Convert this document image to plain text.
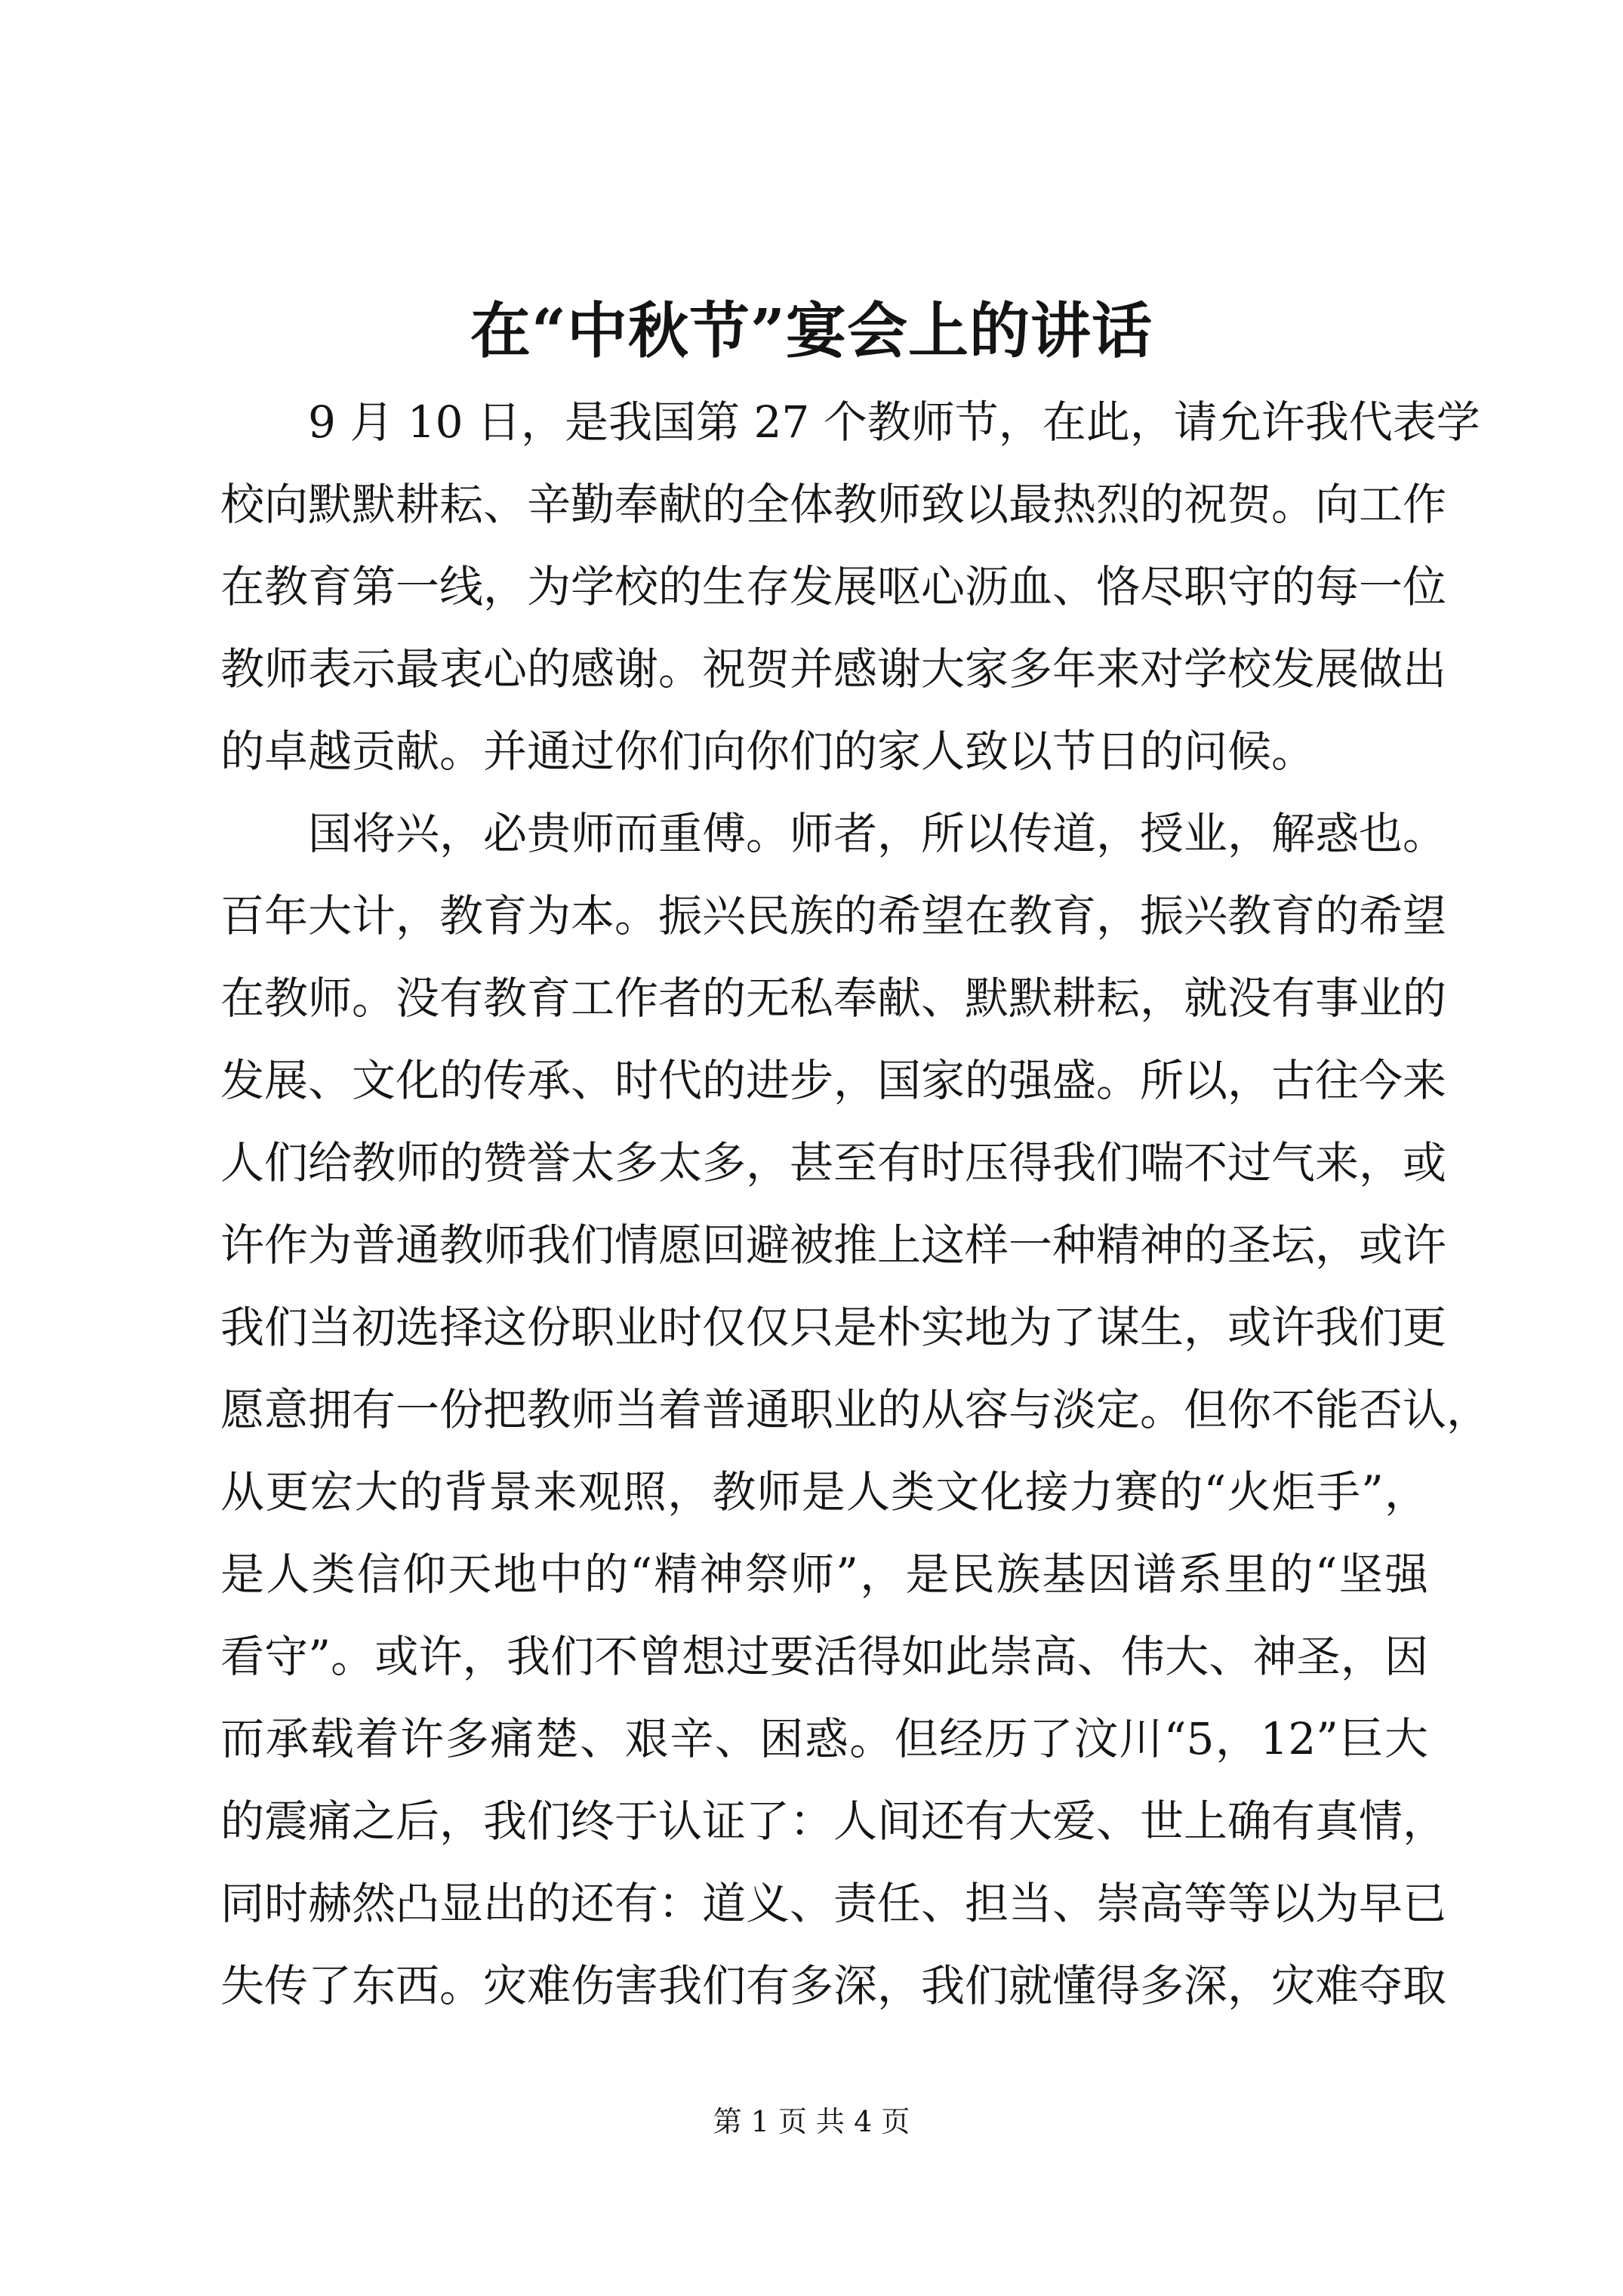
在“中秋节”宴会上的讲话
9 月 10 日，是我国第 27 个教师节，在此，请允许我代表学
校向默默耕耘、辛勤奉献的全体教师致以最热烈的祝贺。向工作
在教育第一线，为学校的生存发展呕心沥血、恪尽职守的每一位
教师表示最衷心的感谢。祝贺并感谢大家多年来对学校发展做出
的卓越贡献。并通过你们向你们的家人致以节日的问候。
国将兴，必贵师而重傅。师者，所以传道，授业，解惑也。
百年大计，教育为本。振兴民族的希望在教育，振兴教育的希望
在教师。没有教育工作者的无私奉献、默默耕耘，就没有事业的
发展、文化的传承、时代的进步，国家的强盛。所以，古往今来
人们给教师的赞誉太多太多，甚至有时压得我们喘不过气来，或
许作为普通教师我们情愿回避被推上这样一种精神的圣坛，或许
我们当初选择这份职业时仅仅只是朴实地为了谋生，或许我们更
愿意拥有一份把教师当着普通职业的从容与淡定。但你不能否认，
从更宏大的背景来观照，教师是人类文化接力赛的“火炬手”，
是人类信仰天地中的“精神祭师”，是民族基因谱系里的“坚强
看守”。或许，我们不曾想过要活得如此崇高、伟大、神圣，因
而承载着许多痛楚、艰辛、困惑。但经历了汶川“5，12”巨大
的震痛之后，我们终于认证了：人间还有大爱、世上确有真情，
同时赫然凸显出的还有：道义、责任、担当、崇高等等以为早已
失传了东西。灾难伤害我们有多深，我们就懂得多深，灾难夺取
第 1 页 共 4 页
